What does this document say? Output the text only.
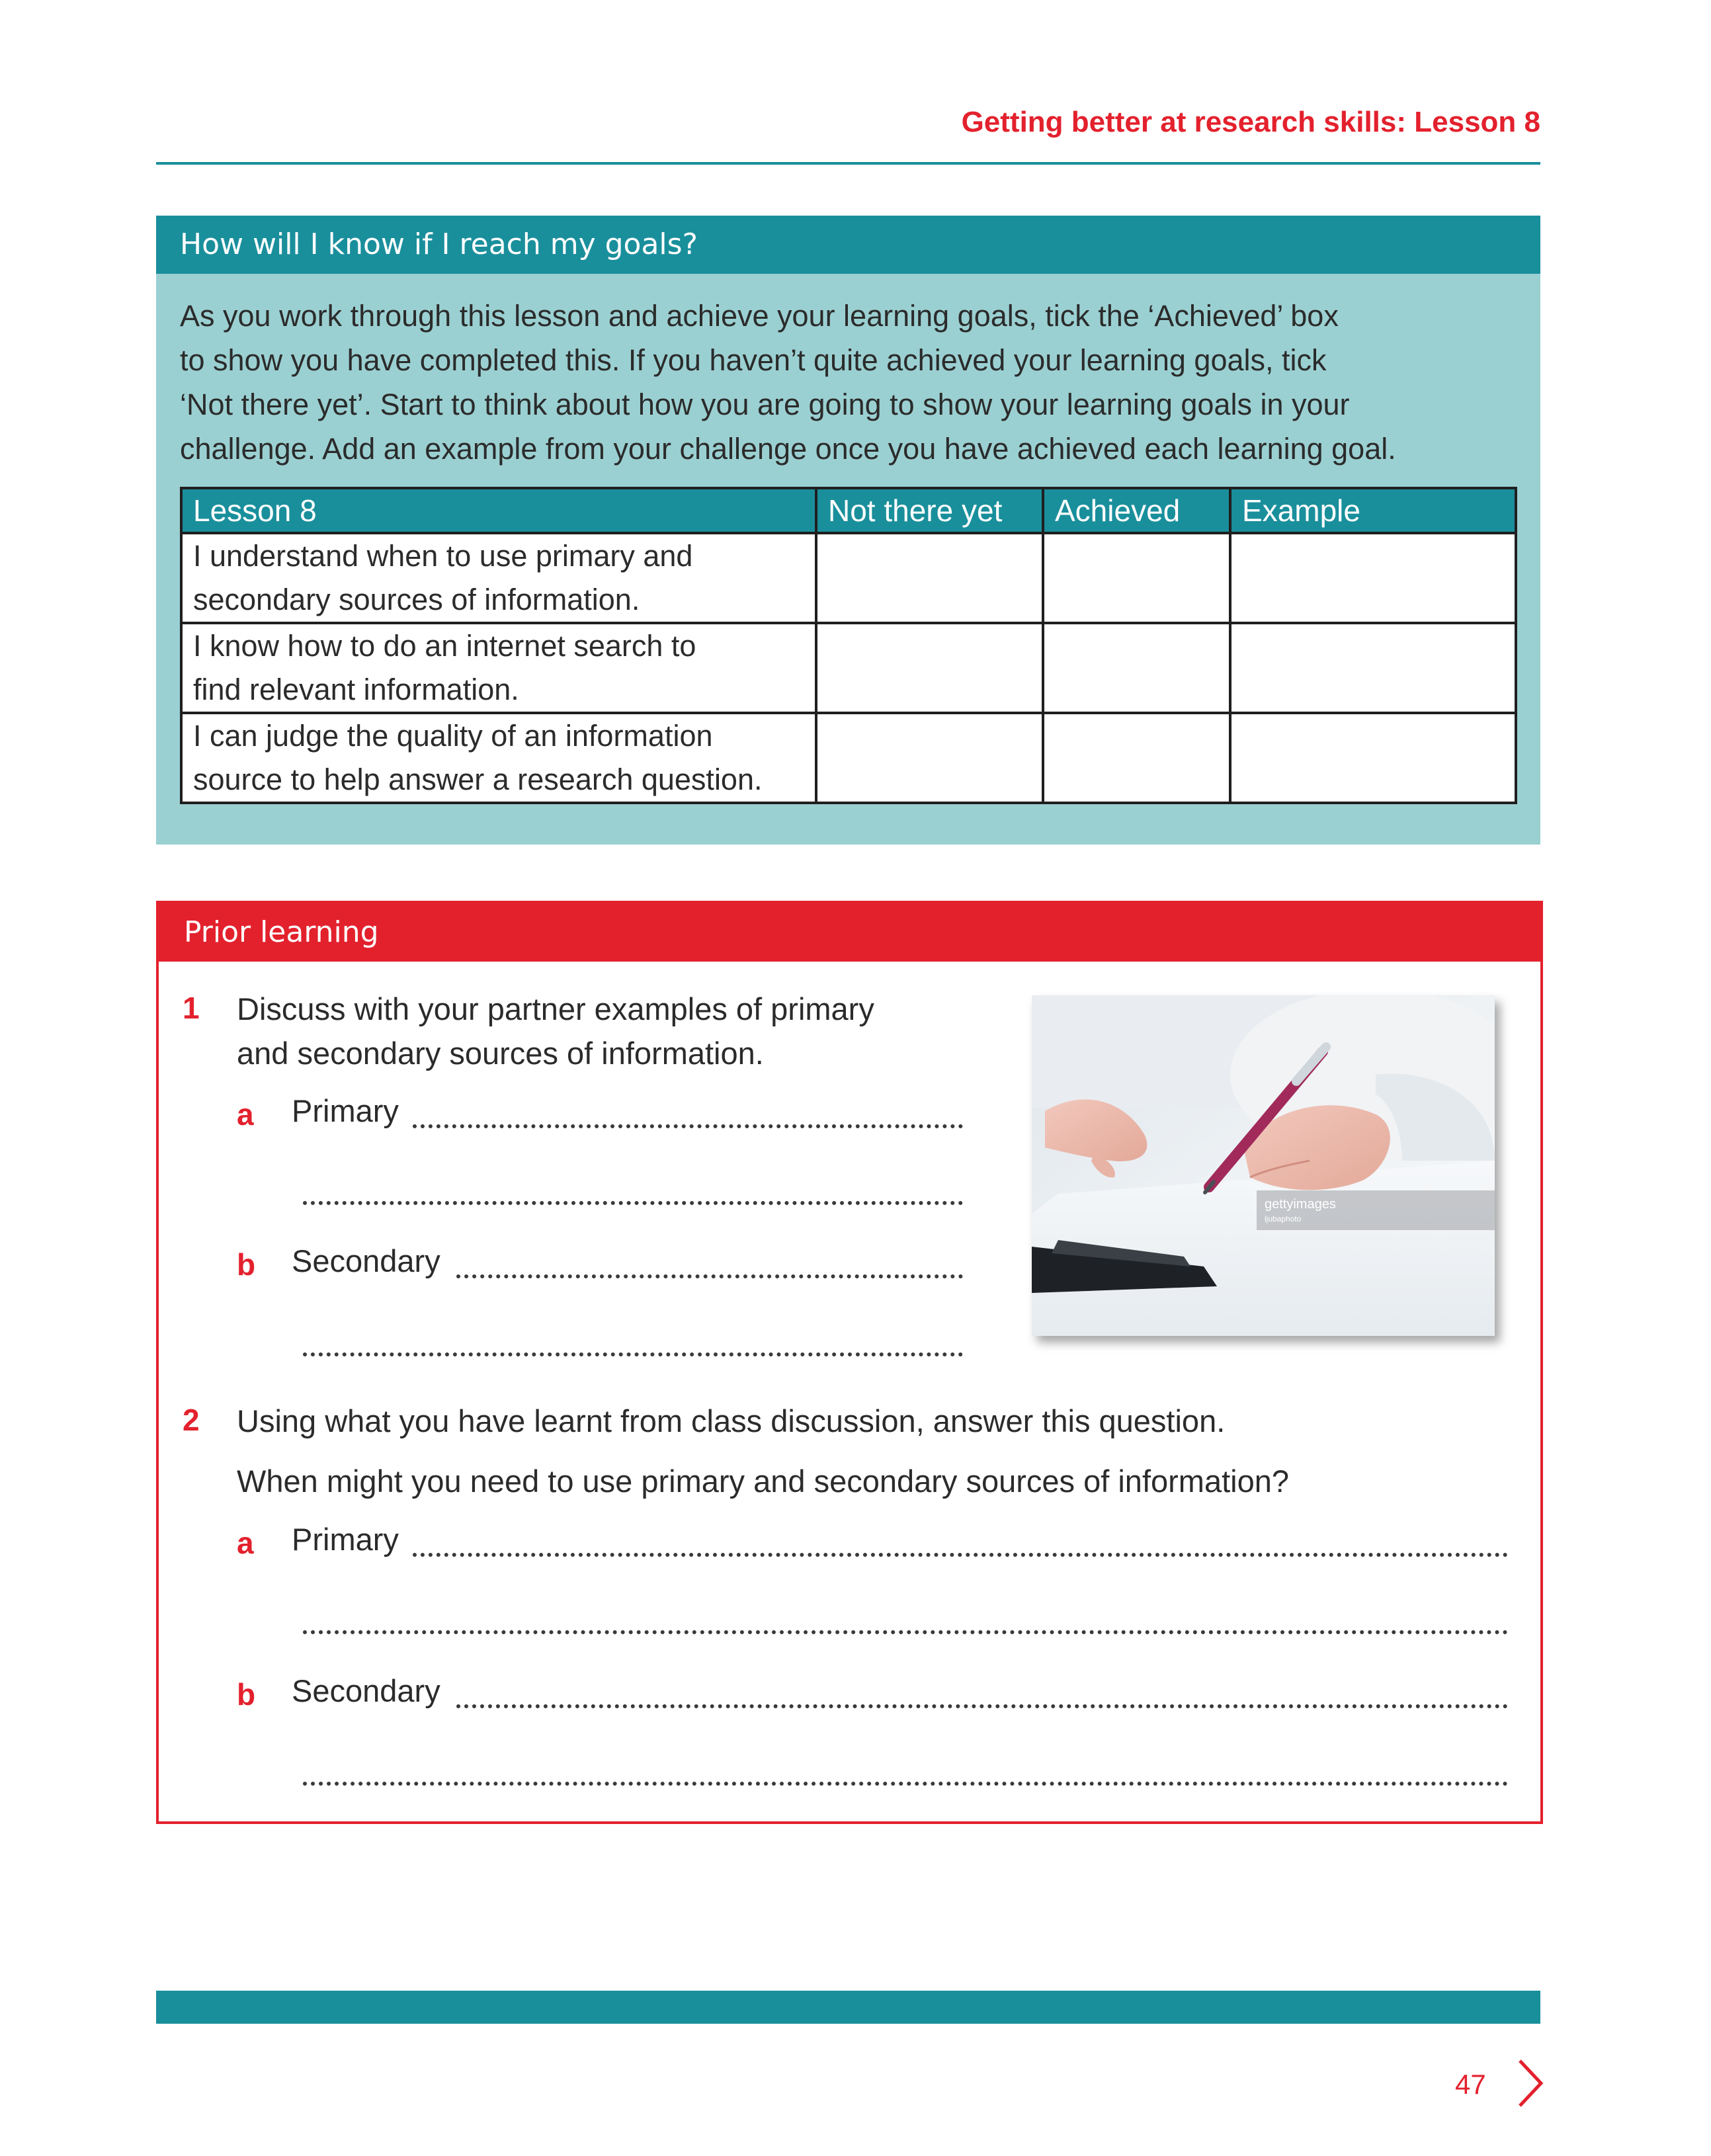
Getting better at research skills: Lesson 8
How will I know if I reach my goals?
As you work through this lesson and achieve your learning goals, tick the ‘Achieved’ box
to show you have completed this. If you haven’t quite achieved your learning goals, tick
‘Not there yet’. Start to think about how you are going to show your learning goals in your
challenge. Add an example from your challenge once you have achieved each learning goal.
Lesson 8	Not there yet	Achieved	Example

I understand when to use primary and
secondary sources of information.			

I know how to do an internet search to
find relevant information.			

I can judge the quality of an information
source to help answer a research question.			

Prior learning
1 Discuss with your partner examples of primary
and secondary sources of information.
a Primary
b Secondary
gettyimages
ljubaphoto
2 Using what you have learnt from class discussion, answer this question.
When might you need to use primary and secondary sources of information?
a Primary
b Secondary
47
